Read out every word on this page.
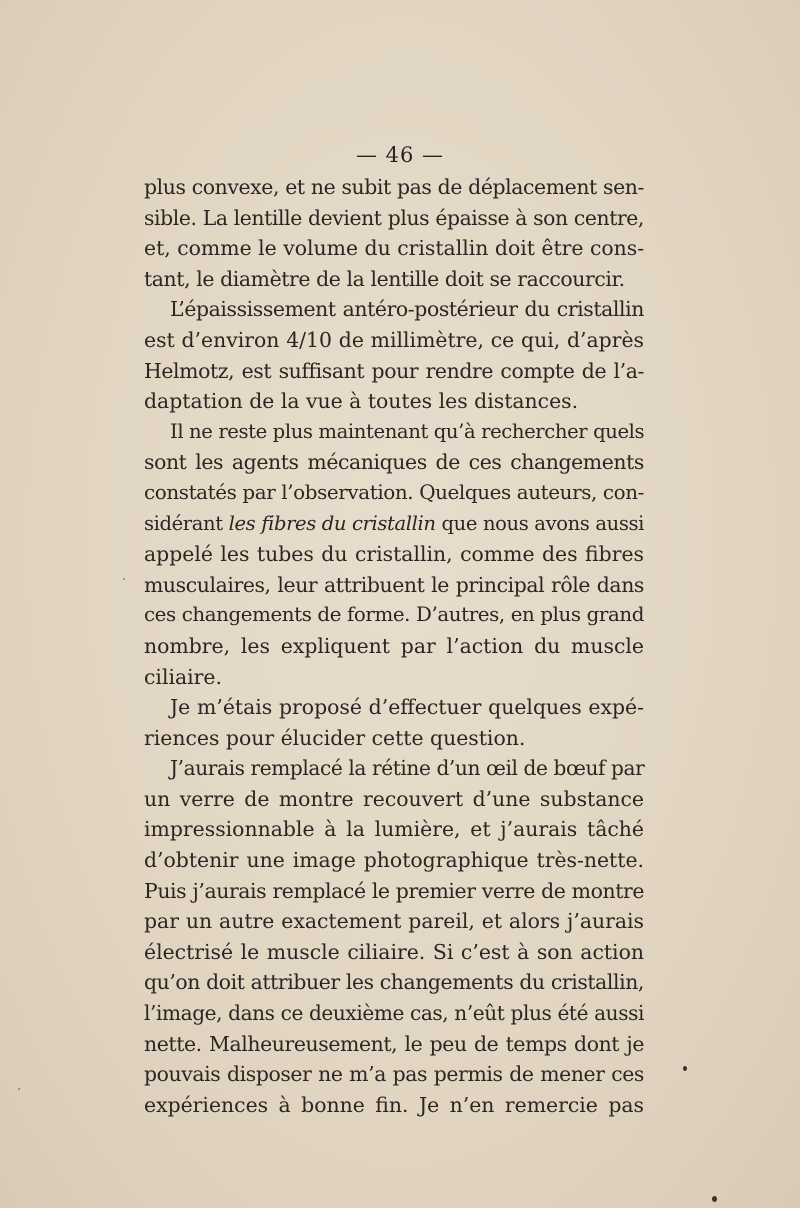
— 46 —
plus convexe, et ne subit pas de déplacement sen-
sible. La lentille devient plus épaisse à son centre,
et, comme le volume du cristallin doit être cons-
tant, le diamètre de la lentille doit se raccourcir.
L’épaississement antéro-postérieur du cristallin
est d’environ 4/10 de millimètre, ce qui, d’après
Helmotz, est suffisant pour rendre compte de l’a-
daptation de la vue à toutes les distances.
Il ne reste plus maintenant qu’à rechercher quels
sont les agents mécaniques de ces changements
constatés par l’observation. Quelques auteurs, con-
sidérant les fibres du cristallin que nous avons aussi
appelé les tubes du cristallin, comme des fibres
musculaires, leur attribuent le principal rôle dans
ces changements de forme. D’autres, en plus grand
nombre, les expliquent par l’action du muscle
ciliaire.
Je m’étais proposé d’effectuer quelques expé-
riences pour élucider cette question.
J’aurais remplacé la rétine d’un œil de bœuf par
un verre de montre recouvert d’une substance
impressionnable à la lumière, et j’aurais tâché
d’obtenir une image photographique très-nette.
Puis j’aurais remplacé le premier verre de montre
par un autre exactement pareil, et alors j’aurais
électrisé le muscle ciliaire. Si c’est à son action
qu’on doit attribuer les changements du cristallin,
l’image, dans ce deuxième cas, n’eût plus été aussi
nette. Malheureusement, le peu de temps dont je
pouvais disposer ne m’a pas permis de mener ces
expériences à bonne fin. Je n’en remercie pas
